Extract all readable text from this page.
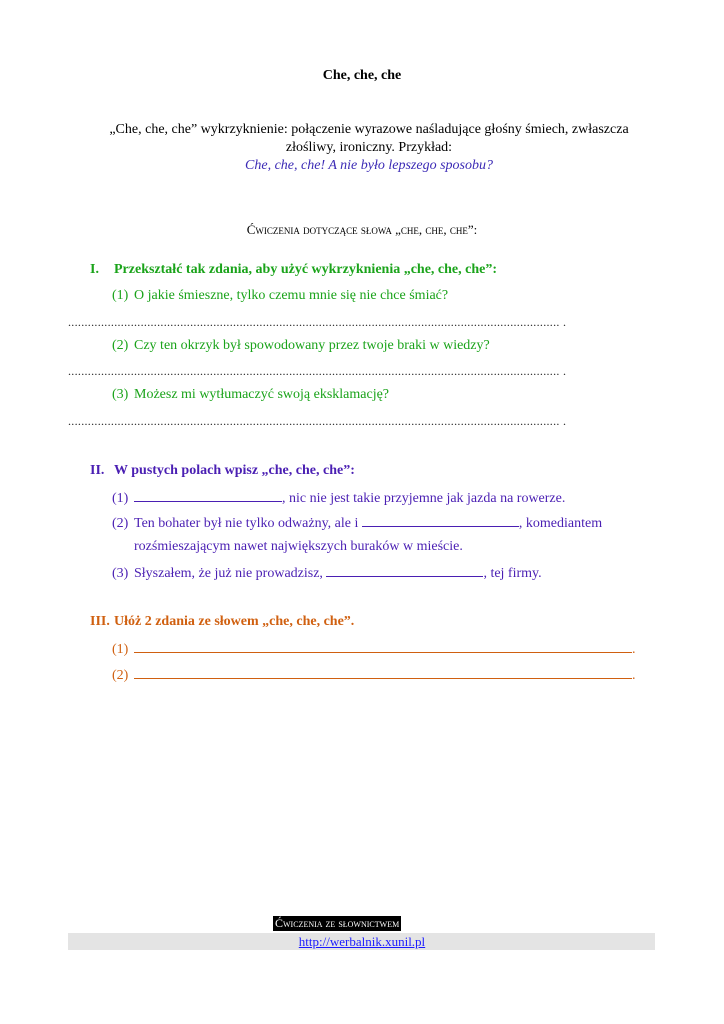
Che, che, che
„Che, che, che” wykrzyknienie: połączenie wyrazowe naśladujące głośny śmiech, zwłaszcza złośliwy, ironiczny. Przykład:
Che, che, che! A nie było lepszego sposobu?
Ćwiczenia dotyczące słowa „che, che, che”:
I. Przekształć tak zdania, aby użyć wykrzyknienia „che, che, che”:
(1) O jakie śmieszne, tylko czemu mnie się nie chce śmiać?
..................................................................................................................................................... .
(2) Czy ten okrzyk był spowodowany przez twoje braki w wiedzy?
..................................................................................................................................................... .
(3) Możesz mi wytłumaczyć swoją eksklamację?
..................................................................................................................................................... .
II. W pustych polach wpisz „che, che, che”:
(1)	, nic nie jest takie przyjemne jak jazda na rowerze.
(2) Ten bohater był nie tylko odważny, ale i	, komediantem
rozśmieszającym nawet największych buraków w mieście.
(3) Słyszałem, że już nie prowadzisz,	, tej firmy.
III. Ułóż 2 zdania ze słowem „che, che, che”.
(1)	.
(2)	.
Ćwiczenia ze słownictwem
http://werbalnik.xunil.pl
